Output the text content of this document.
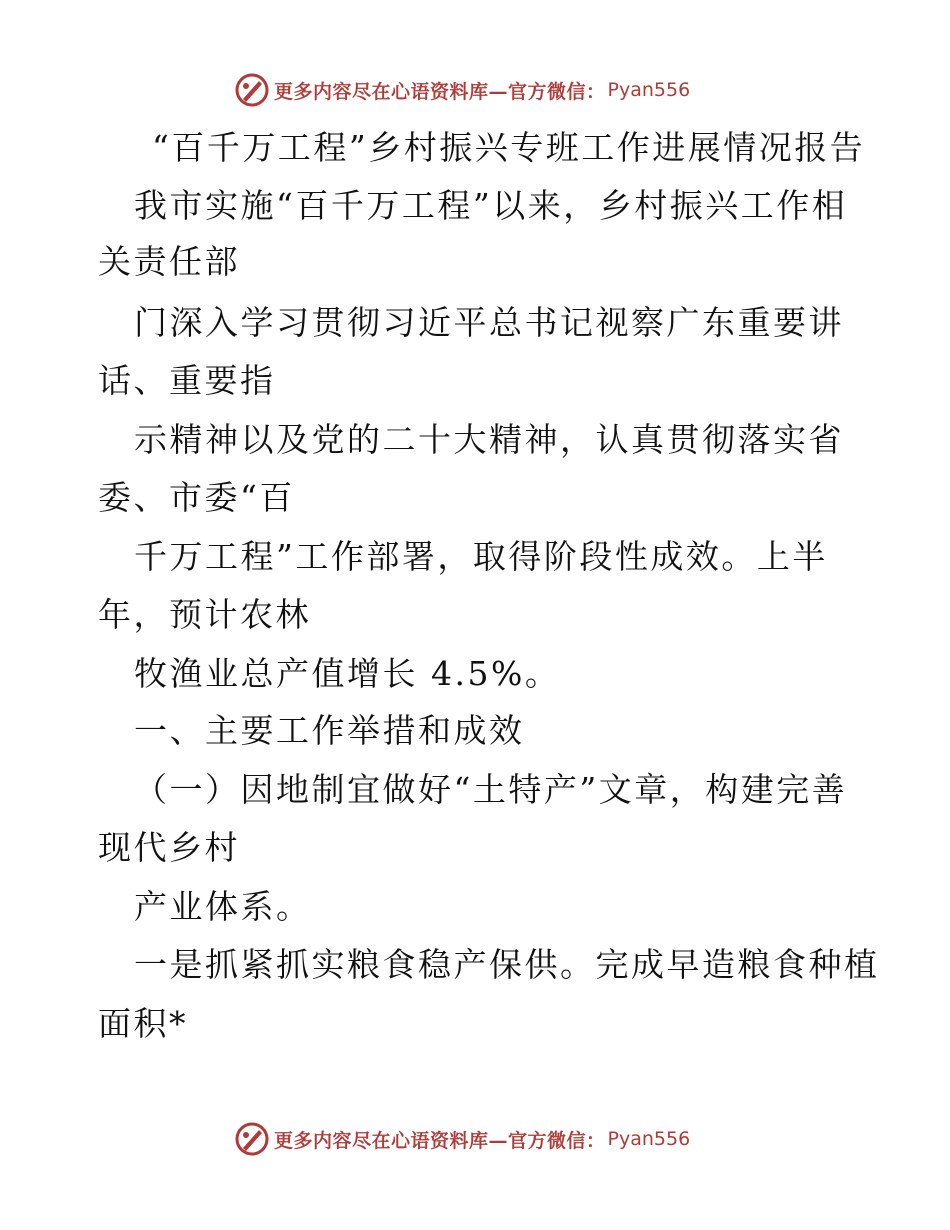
更多内容尽在心语资料库—官方微信： Pyan556
“百千万工程”乡村振兴专班工作进展情况报告
我市实施“百千万工程”以来，乡村振兴工作相
关责任部
门深入学习贯彻习近平总书记视察广东重要讲
话、重要指
示精神以及党的二十大精神，认真贯彻落实省
委、市委“百
千万工程”工作部署，取得阶段性成效。上半
年，预计农林
牧渔业总产值增长 4.5%。
一、主要工作举措和成效
（一）因地制宜做好“土特产”文章，构建完善
现代乡村
产业体系。
一是抓紧抓实粮食稳产保供。完成早造粮食种植
面积*
更多内容尽在心语资料库—官方微信： Pyan556
